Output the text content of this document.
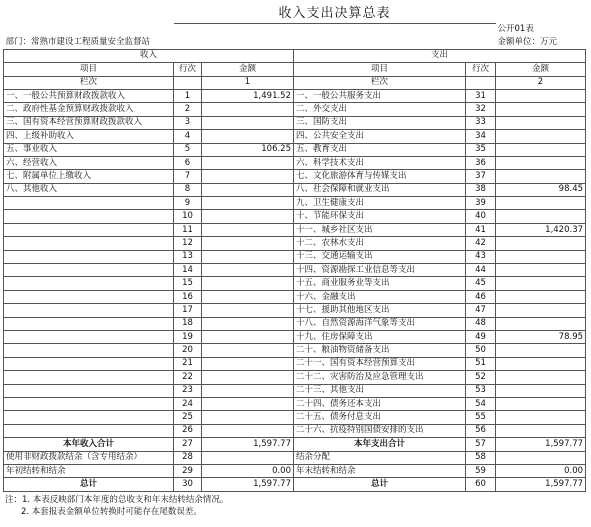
	收入支出决算总表				
					公开01表
部门：常熟市建设工程质量安全监督站					金额单位：万元
收入			支出		
项目	行次	金额	项目	行次	金额
栏次		1	栏次		2
一、一般公共预算财政拨款收入	1	1,491.52	一、一般公共服务支出	31	
二、政府性基金预算财政拨款收入	2		二、外交支出	32	
三、国有资本经营预算财政拨款收入	3		三、国防支出	33	
四、上级补助收入	4		四、公共安全支出	34	
五、事业收入	5	106.25	五、教育支出	35	
六、经营收入	6		六、科学技术支出	36	
七、附属单位上缴收入	7		七、文化旅游体育与传媒支出	37	
八、其他收入	8		八、社会保障和就业支出	38	98.45
	9		九、卫生健康支出	39	
	10		十、节能环保支出	40	
	11		十一、城乡社区支出	41	1,420.37
	12		十二、农林水支出	42	
	13		十三、交通运输支出	43	
	14		十四、资源勘探工业信息等支出	44	
	15		十五、商业服务业等支出	45	
	16		十六、金融支出	46	
	17		十七、援助其他地区支出	47	
	18		十八、自然资源海洋气象等支出	48	
	19		十九、住房保障支出	49	78.95
	20		二十、粮油物资储备支出	50	
	21		二十一、国有资本经营预算支出	51	
	22		二十二、灾害防治及应急管理支出	52	
	23		二十三、其他支出	53	
	24		二十四、债务还本支出	54	
	25		二十五、债务付息支出	55	
	26		二十六、抗疫特别国债安排的支出	56	
本年收入合计	27	1,597.77	本年支出合计	57	1,597.77
使用非财政拨款结余（含专用结余）	28		结余分配	58	
年初结转和结余	29	0.00	年末结转和结余	59	0.00
总计	30	1,597.77	总计	60	1,597.77
注：1. 本表反映部门本年度的总收支和年末结转结余情况。
2. 本套报表金额单位转换时可能存在尾数误差。
